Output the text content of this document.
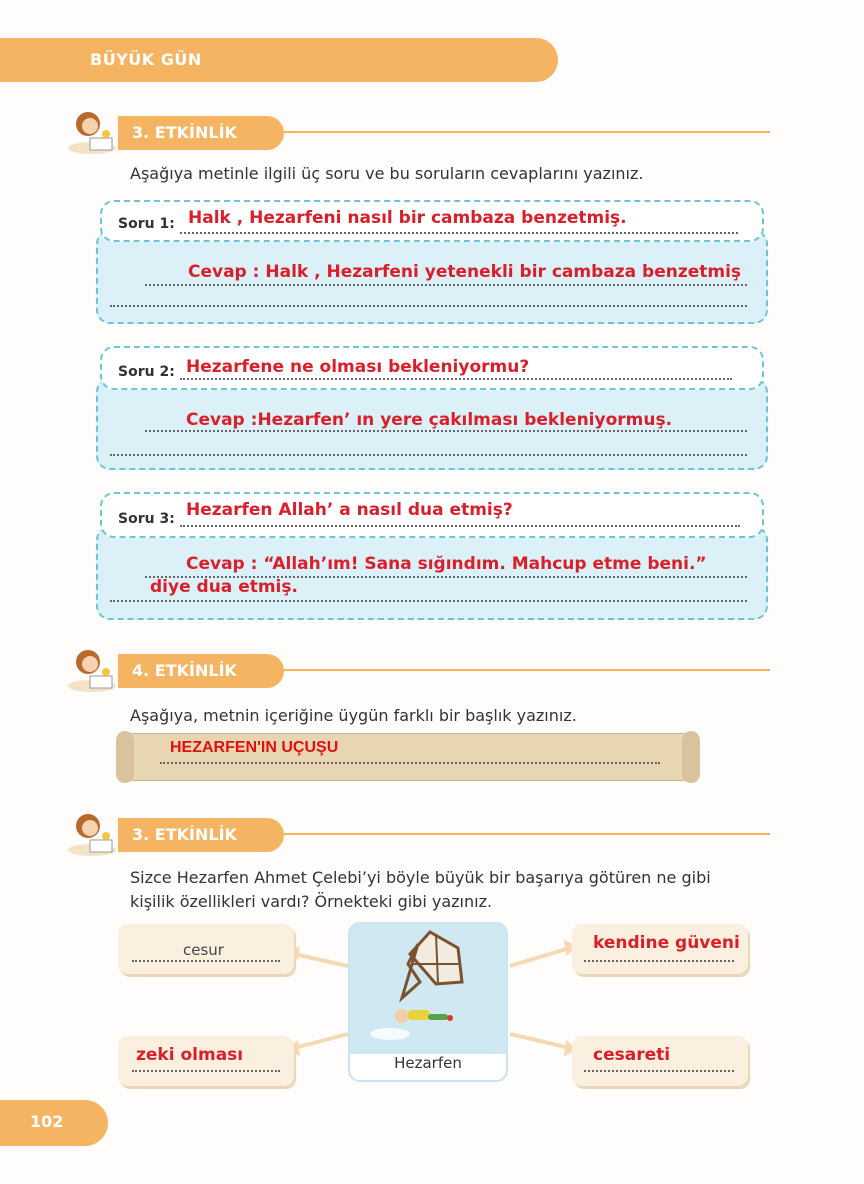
BÜYÜK GÜN
3. ETKİNLİK
Aşağıya metinle ilgili üç soru ve bu soruların cevaplarını yazınız.
Soru 1: Halk , Hezarfeni nasıl bir cambaza benzetmiş.
Cevap : Halk , Hezarfeni yetenekli bir cambaza benzetmiş
Soru 2: Hezarfene ne olması bekleniyormu?
Cevap :Hezarfen’ ın yere çakılması bekleniyormuş.
Soru 3: Hezarfen Allah’ a nasıl dua etmiş?
Cevap : “Allah’ım! Sana sığındım. Mahcup etme beni.”
diye dua etmiş.
4. ETKİNLİK
Aşağıya, metnin içeriğine üygün farklı bir başlık yazınız.
HEZARFEN'IN UÇUŞU
3. ETKİNLİK
Sizce Hezarfen Ahmet Çelebi’yi böyle büyük bir başarıya götüren ne gibi
kişilik özellikleri vardı? Örnekteki gibi yazınız.
cesur	kendine güveni
zeki olması	cesareti
Hezarfen
102
